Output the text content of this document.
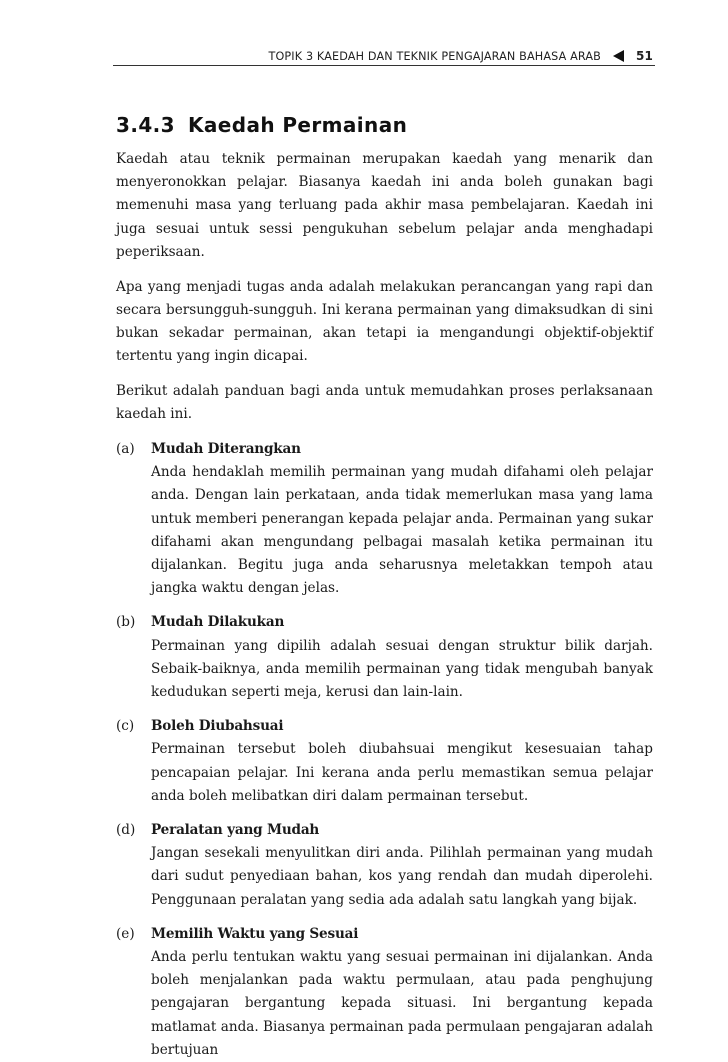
TOPIK 3 KAEDAH DAN TEKNIK PENGAJARAN BAHASA ARAB	51
3.4.3 Kaedah Permainan

Kaedah atau teknik permainan merupakan kaedah yang menarik dan menyeronokkan pelajar. Biasanya kaedah ini anda boleh gunakan bagi memenuhi masa yang terluang pada akhir masa pembelajaran. Kaedah ini juga sesuai untuk sessi pengukuhan sebelum pelajar anda menghadapi peperiksaan.

Apa yang menjadi tugas anda adalah melakukan perancangan yang rapi dan secara bersungguh-sungguh. Ini kerana permainan yang dimaksudkan di sini bukan sekadar permainan, akan tetapi ia mengandungi objektif-objektif tertentu yang ingin dicapai.

Berikut adalah panduan bagi anda untuk memudahkan proses perlaksanaan kaedah ini.

(a)	Mudah Diterangkan
Anda hendaklah memilih permainan yang mudah difahami oleh pelajar anda. Dengan lain perkataan, anda tidak memerlukan masa yang lama untuk memberi penerangan kepada pelajar anda. Permainan yang sukar difahami akan mengundang pelbagai masalah ketika permainan itu dijalankan. Begitu juga anda seharusnya meletakkan tempoh atau jangka waktu dengan jelas.
(b)	Mudah Dilakukan
Permainan yang dipilih adalah sesuai dengan struktur bilik darjah. Sebaik-baiknya, anda memilih permainan yang tidak mengubah banyak kedudukan seperti meja, kerusi dan lain-lain.
(c)	Boleh Diubahsuai
Permainan tersebut boleh diubahsuai mengikut kesesuaian tahap pencapaian pelajar. Ini kerana anda perlu memastikan semua pelajar anda boleh melibatkan diri dalam permainan tersebut.
(d)	Peralatan yang Mudah
Jangan sesekali menyulitkan diri anda. Pilihlah permainan yang mudah dari sudut penyediaan bahan, kos yang rendah dan mudah diperolehi. Penggunaan peralatan yang sedia ada adalah satu langkah yang bijak.
(e)	Memilih Waktu yang Sesuai
Anda perlu tentukan waktu yang sesuai permainan ini dijalankan. Anda boleh menjalankan pada waktu permulaan, atau pada penghujung pengajaran bergantung kepada situasi. Ini bergantung kepada matlamat anda. Biasanya permainan pada permulaan pengajaran adalah bertujuan
